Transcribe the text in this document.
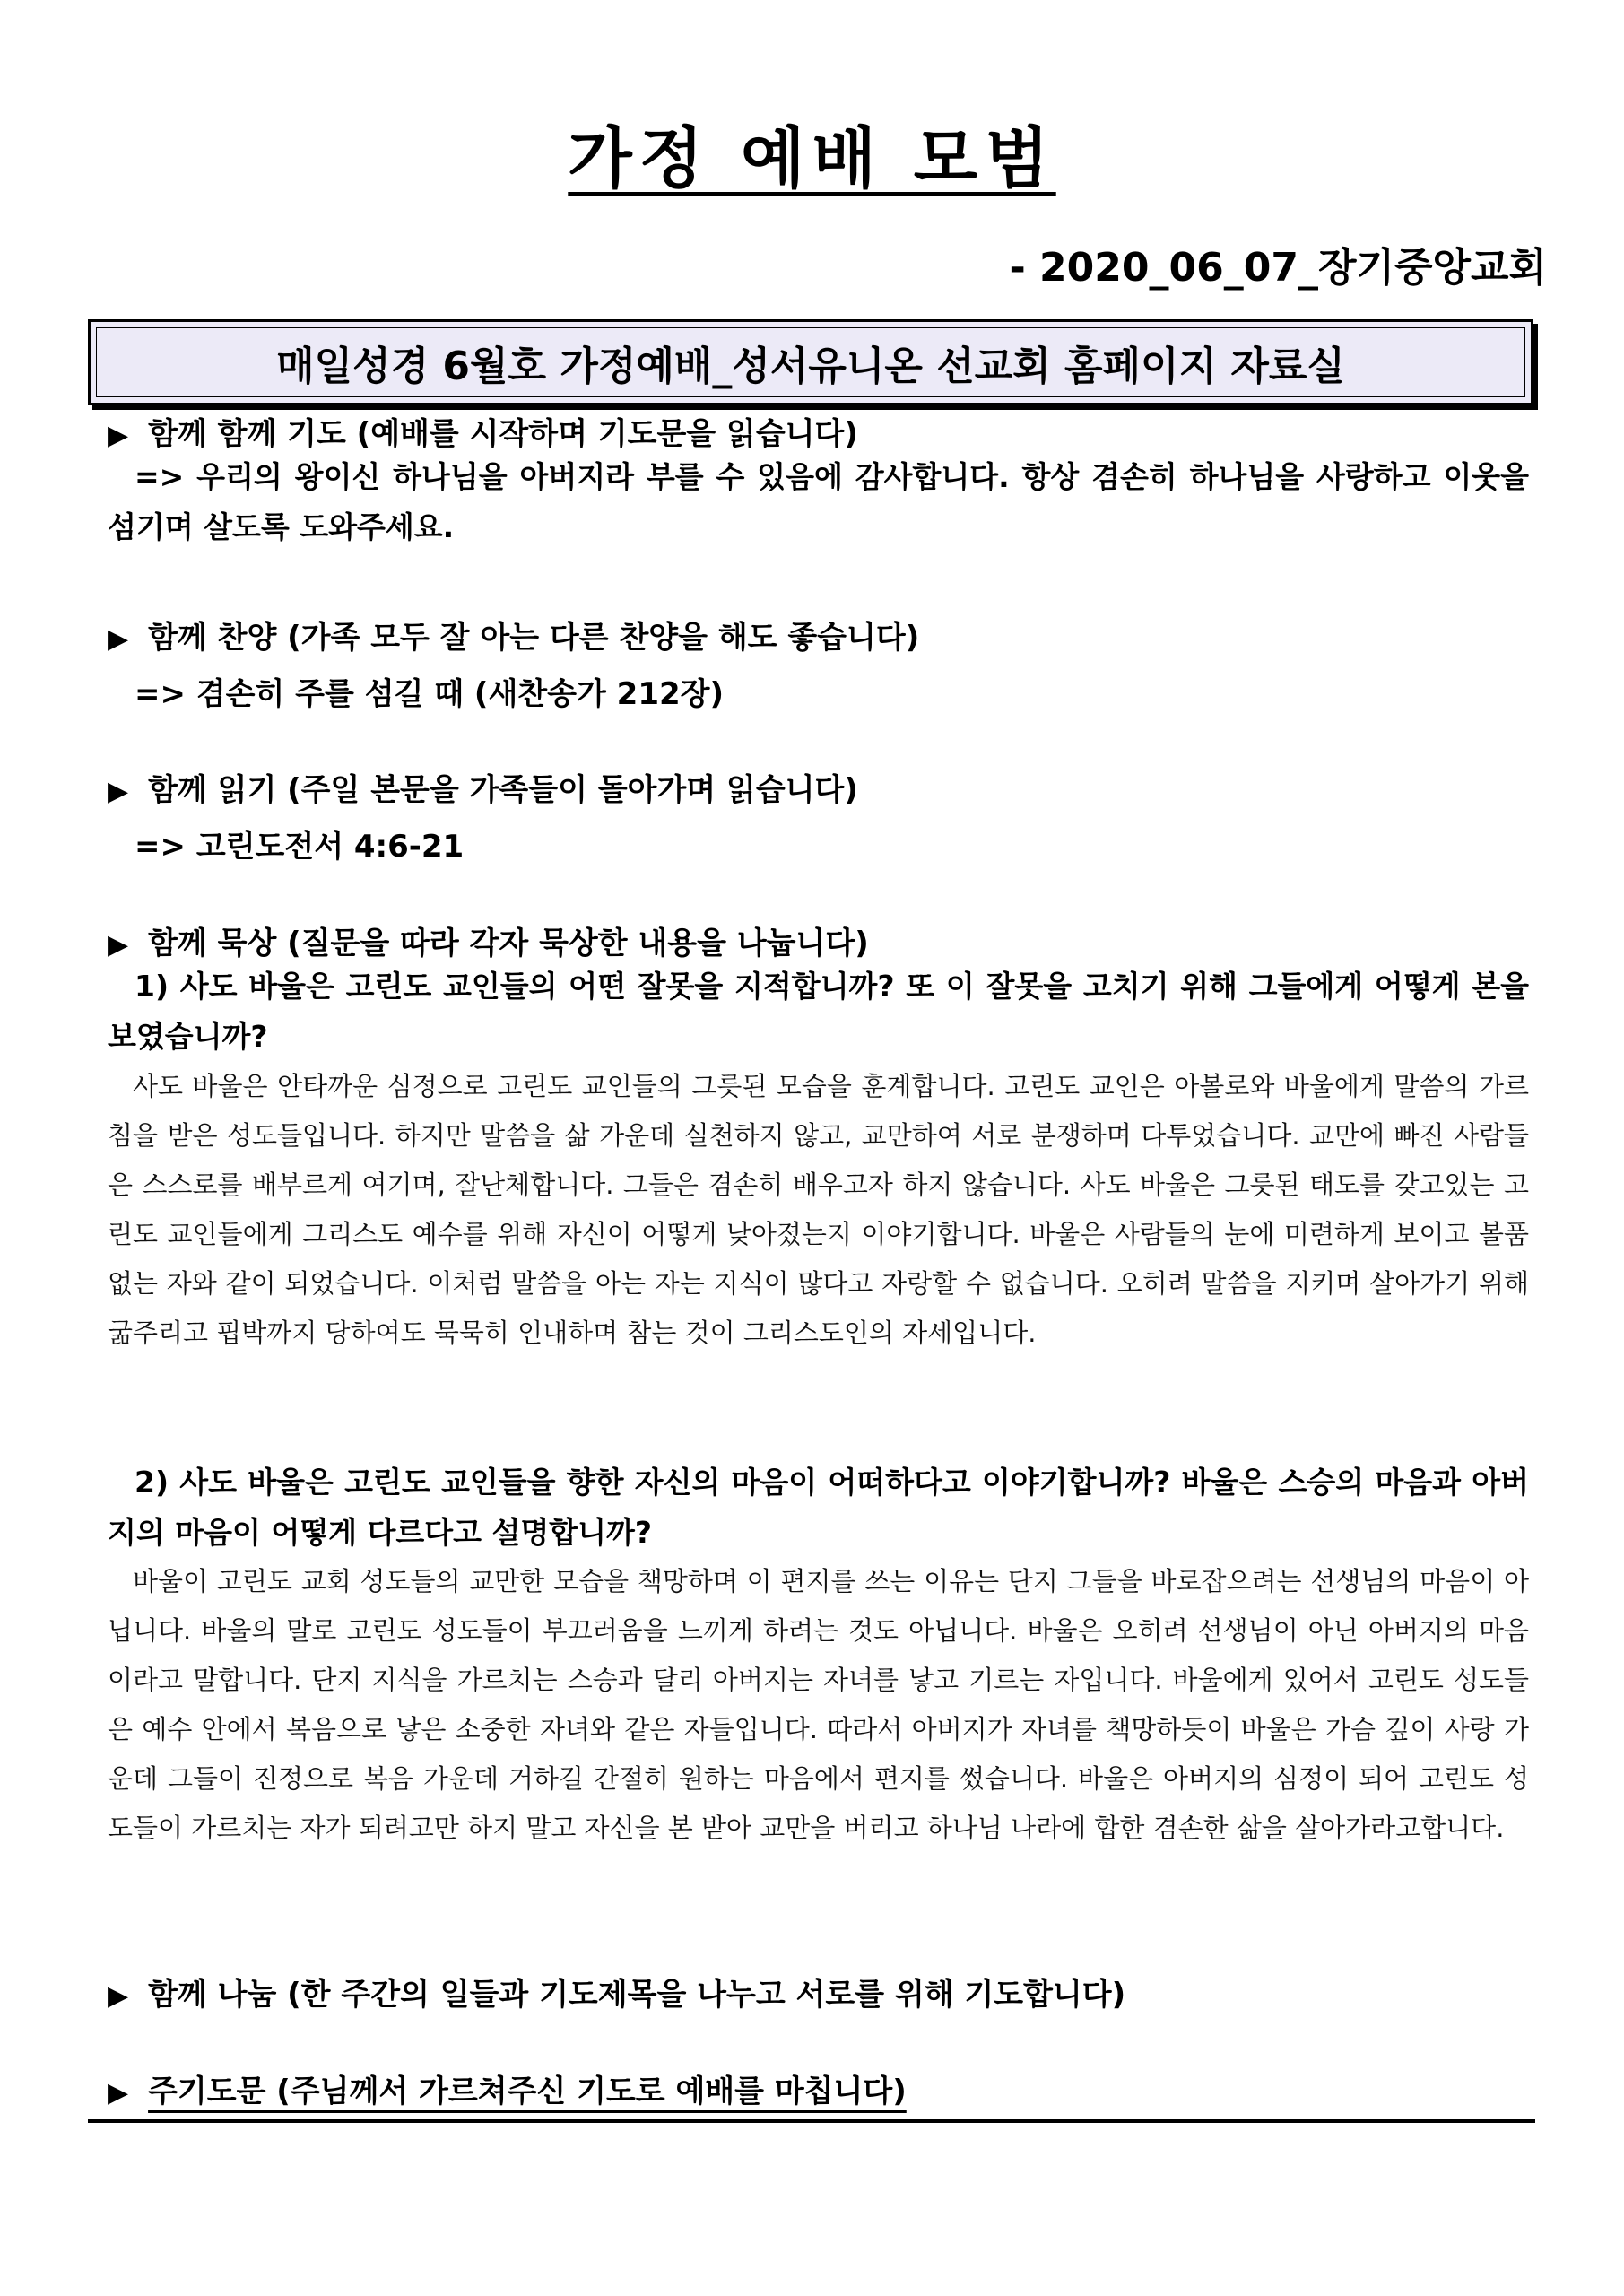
가정 예배 모범
- 2020_06_07_장기중앙교회
매일성경 6월호 가정예배_성서유니온 선교회 홈페이지 자료실
▶ 함께 함께 기도 (예배를 시작하며 기도문을 읽습니다)
=> 우리의 왕이신 하나님을 아버지라 부를 수 있음에 감사합니다. 항상 겸손히 하나님을 사랑하고 이웃을 섬기며 살도록 도와주세요.
▶ 함께 찬양 (가족 모두 잘 아는 다른 찬양을 해도 좋습니다)
=> 겸손히 주를 섬길 때 (새찬송가 212장)
▶ 함께 읽기 (주일 본문을 가족들이 돌아가며 읽습니다)
=> 고린도전서 4:6-21
▶ 함께 묵상 (질문을 따라 각자 묵상한 내용을 나눕니다)
1) 사도 바울은 고린도 교인들의 어떤 잘못을 지적합니까? 또 이 잘못을 고치기 위해 그들에게 어떻게 본을 보였습니까?
사도 바울은 안타까운 심정으로 고린도 교인들의 그릇된 모습을 훈계합니다. 고린도 교인은 아볼로와 바울에게 말씀의 가르침을 받은 성도들입니다. 하지만 말씀을 삶 가운데 실천하지 않고, 교만하여 서로 분쟁하며 다투었습니다. 교만에 빠진 사람들은 스스로를 배부르게 여기며, 잘난체합니다. 그들은 겸손히 배우고자 하지 않습니다. 사도 바울은 그릇된 태도를 갖고있는 고린도 교인들에게 그리스도 예수를 위해 자신이 어떻게 낮아졌는지 이야기합니다. 바울은 사람들의 눈에 미련하게 보이고 볼품없는 자와 같이 되었습니다. 이처럼 말씀을 아는 자는 지식이 많다고 자랑할 수 없습니다. 오히려 말씀을 지키며 살아가기 위해 굶주리고 핍박까지 당하여도 묵묵히 인내하며 참는 것이 그리스도인의 자세입니다.
2) 사도 바울은 고린도 교인들을 향한 자신의 마음이 어떠하다고 이야기합니까? 바울은 스승의 마음과 아버지의 마음이 어떻게 다르다고 설명합니까?
바울이 고린도 교회 성도들의 교만한 모습을 책망하며 이 편지를 쓰는 이유는 단지 그들을 바로잡으려는 선생님의 마음이 아닙니다. 바울의 말로 고린도 성도들이 부끄러움을 느끼게 하려는 것도 아닙니다. 바울은 오히려 선생님이 아닌 아버지의 마음이라고 말합니다. 단지 지식을 가르치는 스승과 달리 아버지는 자녀를 낳고 기르는 자입니다. 바울에게 있어서 고린도 성도들은 예수 안에서 복음으로 낳은 소중한 자녀와 같은 자들입니다. 따라서 아버지가 자녀를 책망하듯이 바울은 가슴 깊이 사랑 가운데 그들이 진정으로 복음 가운데 거하길 간절히 원하는 마음에서 편지를 썼습니다. 바울은 아버지의 심정이 되어 고린도 성도들이 가르치는 자가 되려고만 하지 말고 자신을 본 받아 교만을 버리고 하나님 나라에 합한 겸손한 삶을 살아가라고합니다.
▶ 함께 나눔 (한 주간의 일들과 기도제목을 나누고 서로를 위해 기도합니다)
▶ 주기도문 (주님께서 가르쳐주신 기도로 예배를 마칩니다)
